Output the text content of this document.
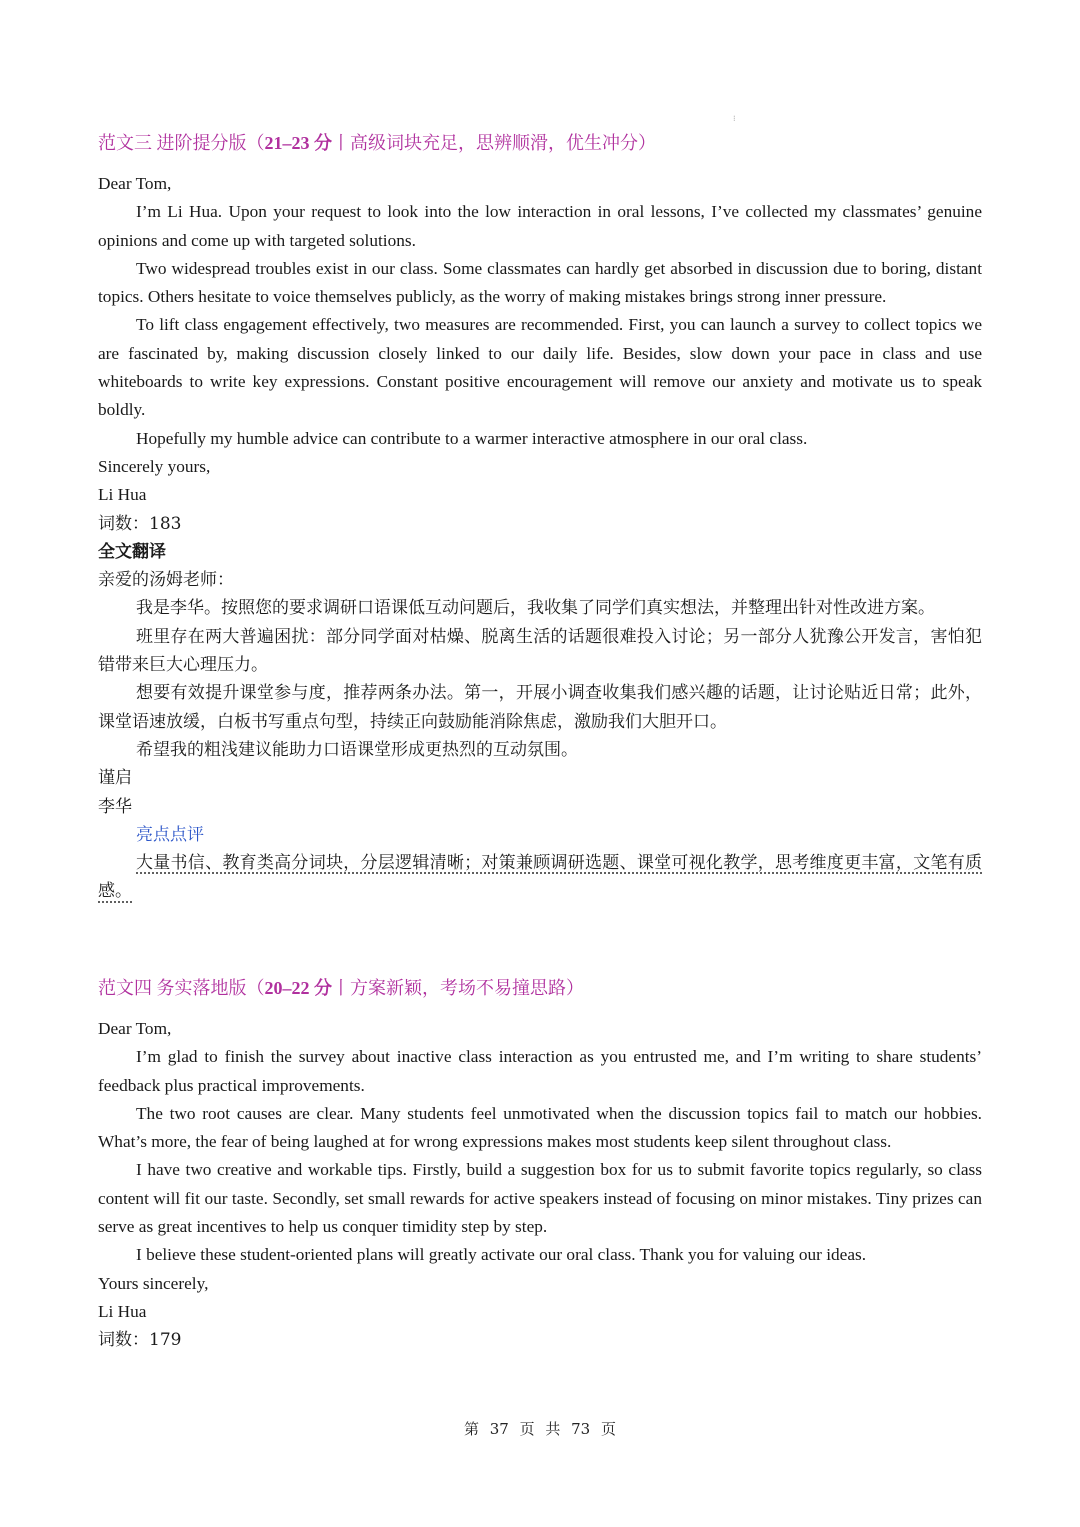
⁝
范文三 进阶提分版（21–23 分丨高级词块充足，思辨顺滑，优生冲分）

Dear Tom,

I’m Li Hua. Upon your request to look into the low interaction in oral lessons, I’ve collected my classmates’ genuine opinions and come up with targeted solutions.

Two widespread troubles exist in our class. Some classmates can hardly get absorbed in discussion due to boring, distant topics. Others hesitate to voice themselves publicly, as the worry of making mistakes brings strong inner pressure.

To lift class engagement effectively, two measures are recommended. First, you can launch a survey to collect topics we are fascinated by, making discussion closely linked to our daily life. Besides, slow down your pace in class and use whiteboards to write key expressions. Constant positive encouragement will remove our anxiety and motivate us to speak boldly.

Hopefully my humble advice can contribute to a warmer interactive atmosphere in our oral class.

Sincerely yours,

Li Hua

词数：183

全文翻译

亲爱的汤姆老师：

我是李华。按照您的要求调研口语课低互动问题后，我收集了同学们真实想法，并整理出针对性改进方案。

班里存在两大普遍困扰：部分同学面对枯燥、脱离生活的话题很难投入讨论；另一部分人犹豫公开发言，害怕犯错带来巨大心理压力。

想要有效提升课堂参与度，推荐两条办法。第一，开展小调查收集我们感兴趣的话题，让讨论贴近日常；此外，课堂语速放缓，白板书写重点句型，持续正向鼓励能消除焦虑，激励我们大胆开口。

希望我的粗浅建议能助力口语课堂形成更热烈的互动氛围。

谨启

李华

亮点点评

大量书信、教育类高分词块，分层逻辑清晰；对策兼顾调研选题、课堂可视化教学，思考维度更丰富，文笔有质感。

范文四 务实落地版（20–22 分丨方案新颖，考场不易撞思路）

Dear Tom,

I’m glad to finish the survey about inactive class interaction as you entrusted me, and I’m writing to share students’ feedback plus practical improvements.

The two root causes are clear. Many students feel unmotivated when the discussion topics fail to match our hobbies. What’s more, the fear of being laughed at for wrong expressions makes most students keep silent throughout class.

I have two creative and workable tips. Firstly, build a suggestion box for us to submit favorite topics regularly, so class content will fit our taste. Secondly, set small rewards for active speakers instead of focusing on minor mistakes. Tiny prizes can serve as great incentives to help us conquer timidity step by step.

I believe these student-oriented plans will greatly activate our oral class. Thank you for valuing our ideas.

Yours sincerely,

Li Hua

词数：179

第 37 页 共 73 页
